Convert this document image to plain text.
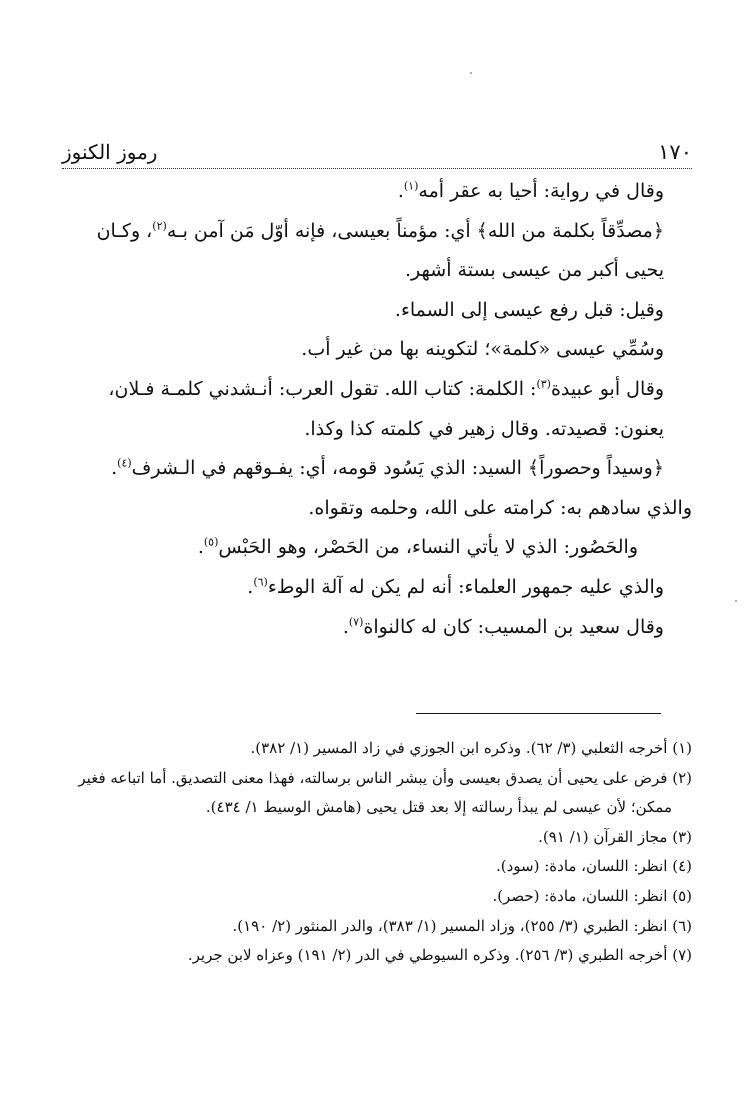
١٧٠
رموز الكنوز

وقال في رواية: أحيا به عقر أمه$^{(١)}$.

﴿مصدِّقاً بكلمة من الله﴾ أي: مؤمناً بعيسى، فإنه أوّل مَن آمن بـه$^{(٢)}$، وكـان
يحيى أكبر من عيسى بستة أشهر.

وقيل: قبل رفع عيسى إلى السماء.

وسُمِّي عيسى «كلمة»؛ لتكوينه بها من غير أب.

وقال أبو عبيدة$^{(٣)}$: الكلمة: كتاب الله. تقول العرب: أنـشدني كلمـة فـلان،
يعنون: قصيدته. وقال زهير في كلمته كذا وكذا.

﴿وسيداً وحصوراً﴾ السيد: الذي يَسُود قومه، أي: يفـوقهم في الـشرف$^{(٤)}$.

والذي سادهم به: كرامته على الله، وحلمه وتقواه.

والحَصُور: الذي لا يأتي النساء، من الحَصْر، وهو الحَبْس$^{(٥)}$.

والذي عليه جمهور العلماء: أنه لم يكن له آلة الوطء$^{(٦)}$.

وقال سعيد بن المسيب: كان له كالنواة$^{(٧)}$.

(١) أخرجه الثعلبي (٣/ ٦٢). وذكره ابن الجوزي في زاد المسير (١/ ٣٨٢).

(٢) فرض على يحيى أن يصدق بعيسى وأن يبشر الناس برسالته، فهذا معنى التصديق. أما اتباعه فغير

ممكن؛ لأن عيسى لم يبدأ رسالته إلا بعد قتل يحيى (هامش الوسيط ١/ ٤٣٤).

(٣) مجاز القرآن (١/ ٩١).

(٤) انظر: اللسان، مادة: (سود).

(٥) انظر: اللسان، مادة: (حصر).

(٦) انظر: الطبري (٣/ ٢٥٥)، وزاد المسير (١/ ٣٨٣)، والدر المنثور (٢/ ١٩٠).

(٧) أخرجه الطبري (٣/ ٢٥٦). وذكره السيوطي في الدر (٢/ ١٩١) وعزاه لابن جرير.
